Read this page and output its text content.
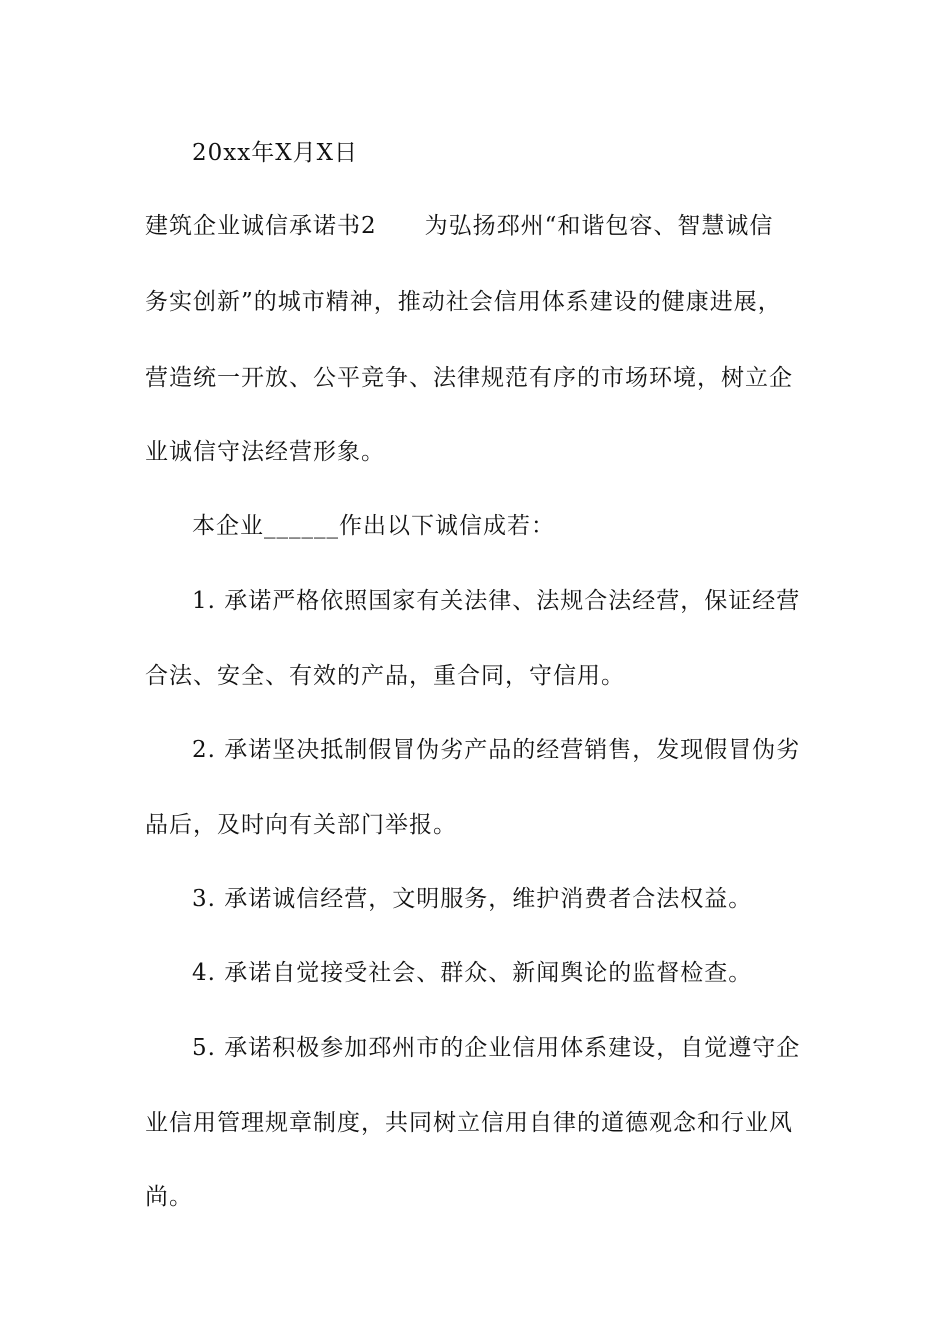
20xx年X月X日
建筑企业诚信承诺书2　　为弘扬邳州“和谐包容、智慧诚信
务实创新”的城市精神，推动社会信用体系建设的健康进展，
营造统一开放、公平竞争、法律规范有序的市场环境，树立企
业诚信守法经营形象。
本企业______作出以下诚信成若：
1. 承诺严格依照国家有关法律、法规合法经营，保证经营
合法、安全、有效的产品，重合同，守信用。
2. 承诺坚决抵制假冒伪劣产品的经营销售，发现假冒伪劣
品后，及时向有关部门举报。
3. 承诺诚信经营，文明服务，维护消费者合法权益。
4. 承诺自觉接受社会、群众、新闻舆论的监督检查。
5. 承诺积极参加邳州市的企业信用体系建设，自觉遵守企
业信用管理规章制度，共同树立信用自律的道德观念和行业风
尚。
